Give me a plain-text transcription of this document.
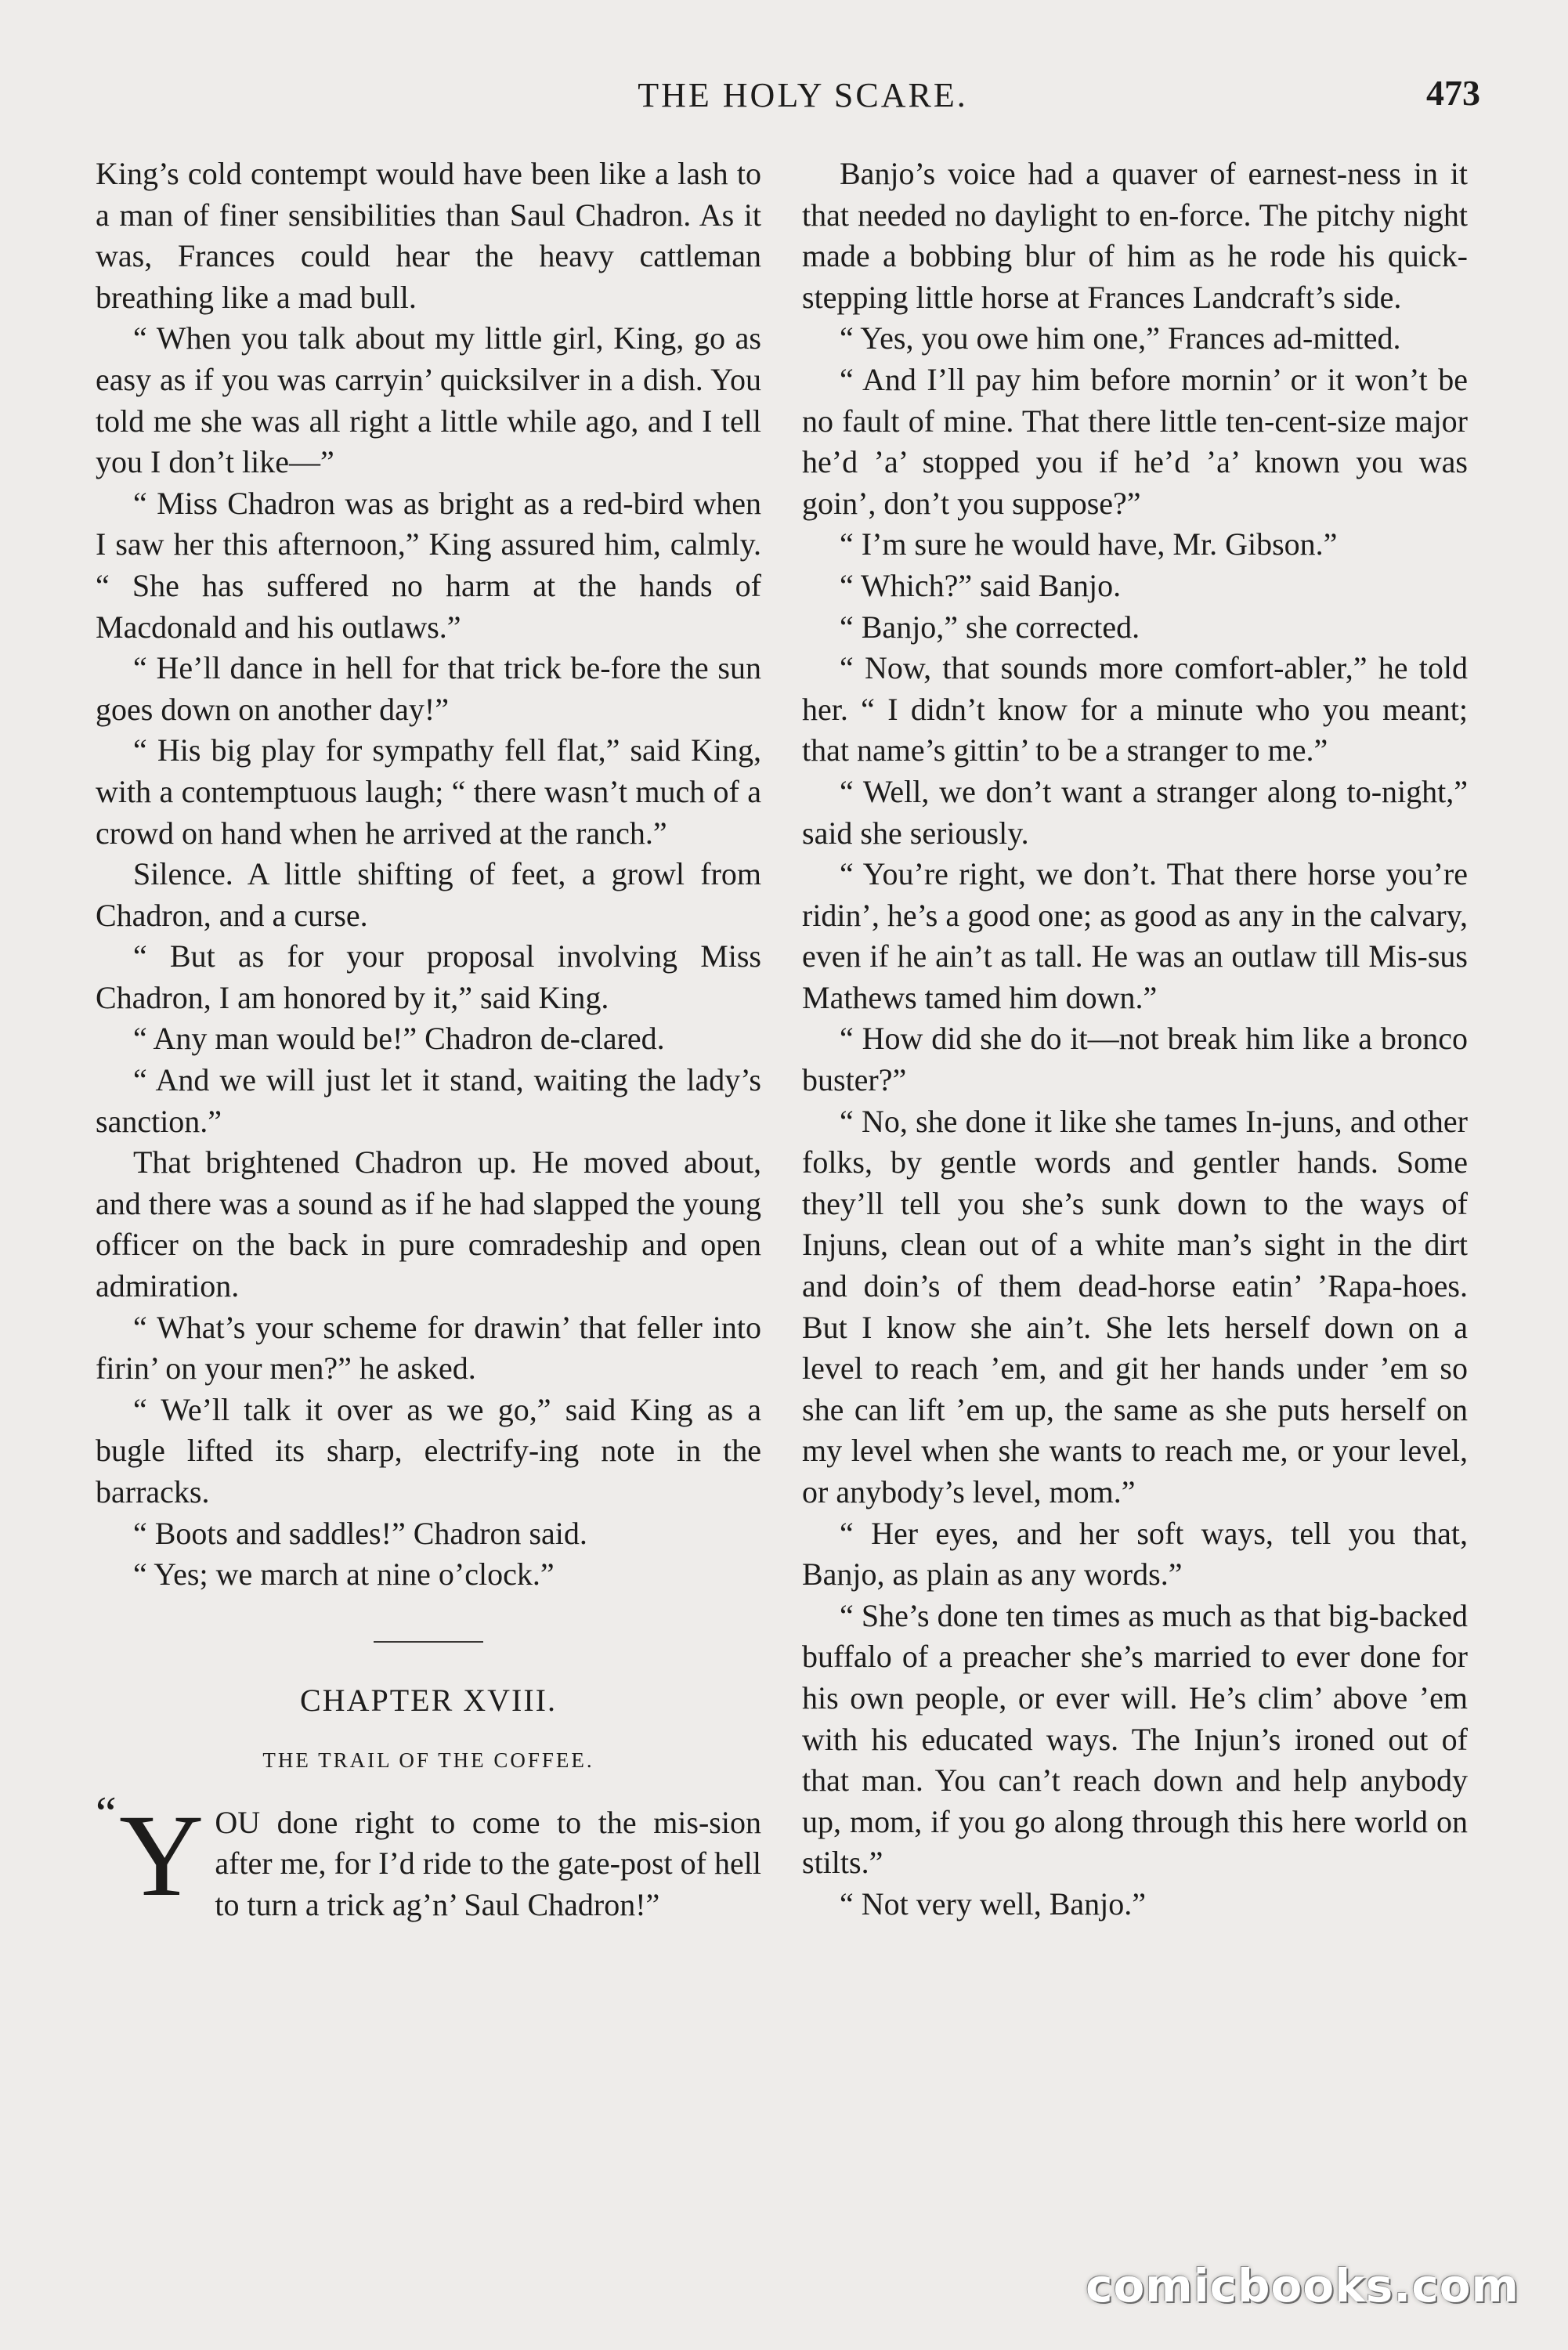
THE HOLY SCARE.	473

King’s cold contempt would have been like a lash to a man of finer sensibilities than Saul Chadron. As it was, Frances could hear the heavy cattleman breathing like a mad bull.

“ When you talk about my little girl, King, go as easy as if you was carryin’ quicksilver in a dish. You told me she was all right a little while ago, and I tell you I don’t like—”

“ Miss Chadron was as bright as a red-bird when I saw her this afternoon,” King assured him, calmly. “ She has suffered no harm at the hands of Macdonald and his outlaws.”

“ He’ll dance in hell for that trick be-fore the sun goes down on another day!”

“ His big play for sympathy fell flat,” said King, with a contemptuous laugh; “ there wasn’t much of a crowd on hand when he arrived at the ranch.”

Silence. A little shifting of feet, a growl from Chadron, and a curse.

“ But as for your proposal involving Miss Chadron, I am honored by it,” said King.

“ Any man would be!” Chadron de-clared.

“ And we will just let it stand, waiting the lady’s sanction.”

That brightened Chadron up. He moved about, and there was a sound as if he had slapped the young officer on the back in pure comradeship and open admiration.

“ What’s your scheme for drawin’ that feller into firin’ on your men?” he asked.

“ We’ll talk it over as we go,” said King as a bugle lifted its sharp, electrify-ing note in the barracks.

“ Boots and saddles!” Chadron said.

“ Yes; we march at nine o’clock.”

CHAPTER XVIII.
THE TRAIL OF THE COFFEE.
“ Y OU done right to come to the mis-sion after me, for I’d ride to the gate-post of hell to turn a trick ag’n’ Saul Chadron!”

Banjo’s voice had a quaver of earnest-ness in it that needed no daylight to en-force. The pitchy night made a bobbing blur of him as he rode his quick-stepping little horse at Frances Landcraft’s side.

“ Yes, you owe him one,” Frances ad-mitted.

“ And I’ll pay him before mornin’ or it won’t be no fault of mine. That there little ten-cent-size major he’d ’a’ stopped you if he’d ’a’ known you was goin’, don’t you suppose?”

“ I’m sure he would have, Mr. Gibson.”

“ Which?” said Banjo.

“ Banjo,” she corrected.

“ Now, that sounds more comfort-abler,” he told her. “ I didn’t know for a minute who you meant; that name’s gittin’ to be a stranger to me.”

“ Well, we don’t want a stranger along to-night,” said she seriously.

“ You’re right, we don’t. That there horse you’re ridin’, he’s a good one; as good as any in the calvary, even if he ain’t as tall. He was an outlaw till Mis-sus Mathews tamed him down.”

“ How did she do it—not break him like a bronco buster?”

“ No, she done it like she tames In-juns, and other folks, by gentle words and gentler hands. Some they’ll tell you she’s sunk down to the ways of Injuns, clean out of a white man’s sight in the dirt and doin’s of them dead-horse eatin’ ’Rapa-hoes. But I know she ain’t. She lets herself down on a level to reach ’em, and git her hands under ’em so she can lift ’em up, the same as she puts herself on my level when she wants to reach me, or your level, or anybody’s level, mom.”

“ Her eyes, and her soft ways, tell you that, Banjo, as plain as any words.”

“ She’s done ten times as much as that big-backed buffalo of a preacher she’s married to ever done for his own people, or ever will. He’s clim’ above ’em with his educated ways. The Injun’s ironed out of that man. You can’t reach down and help anybody up, mom, if you go along through this here world on stilts.”

“ Not very well, Banjo.”

comicbooks.com
